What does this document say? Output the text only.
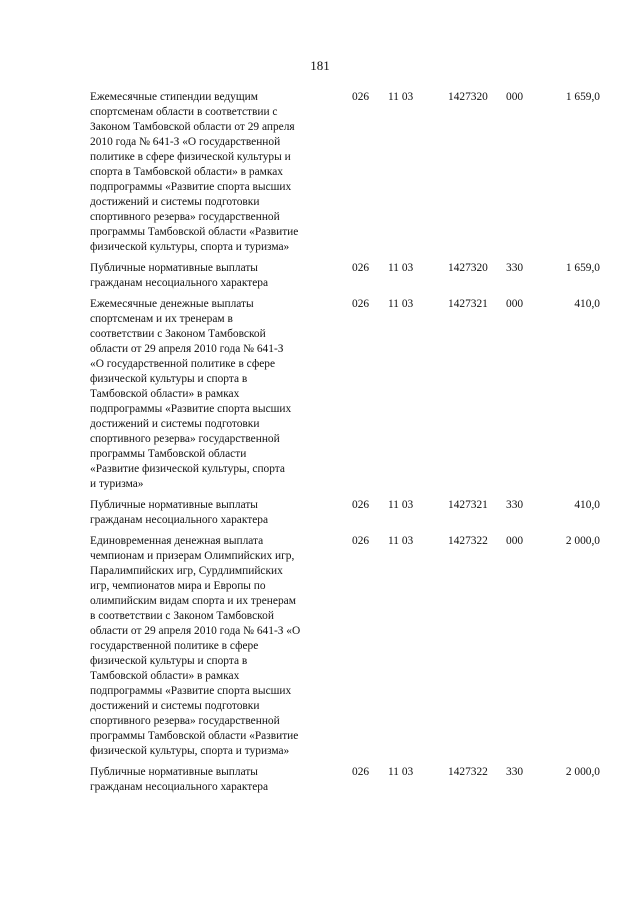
181
Ежемесячные стипендии ведущим
спортсменам области в соответствии с
Законом Тамбовской области от 29 апреля
2010 года № 641-З «О государственной
политике в сфере физической культуры и
спорта в Тамбовской области» в рамках
подпрограммы «Развитие спорта высших
достижений и системы подготовки
спортивного резерва» государственной
программы Тамбовской области «Развитие
физической культуры, спорта и туризма»
026	11 03	1427320	000	1 659,0
Публичные нормативные выплаты
гражданам несоциального характера
026	11 03	1427320	330	1 659,0
Ежемесячные денежные выплаты
спортсменам и их тренерам в
соответствии с Законом Тамбовской
области от 29 апреля 2010 года № 641-З
«О государственной политике в сфере
физической культуры и спорта в
Тамбовской области» в рамках
подпрограммы «Развитие спорта высших
достижений и системы подготовки
спортивного резерва» государственной
программы Тамбовской области
«Развитие физической культуры, спорта
и туризма»
026	11 03	1427321	000	410,0
Публичные нормативные выплаты
гражданам несоциального характера
026	11 03	1427321	330	410,0
Единовременная денежная выплата
чемпионам и призерам Олимпийских игр,
Паралимпийских игр, Сурдлимпийских
игр, чемпионатов мира и Европы по
олимпийским видам спорта и их тренерам
в соответствии с Законом Тамбовской
области от 29 апреля 2010 года № 641-З «О
государственной политике в сфере
физической культуры и спорта в
Тамбовской области» в рамках
подпрограммы «Развитие спорта высших
достижений и системы подготовки
спортивного резерва» государственной
программы Тамбовской области «Развитие
физической культуры, спорта и туризма»
026	11 03	1427322	000	2 000,0
Публичные нормативные выплаты
гражданам несоциального характера
026	11 03	1427322	330	2 000,0
